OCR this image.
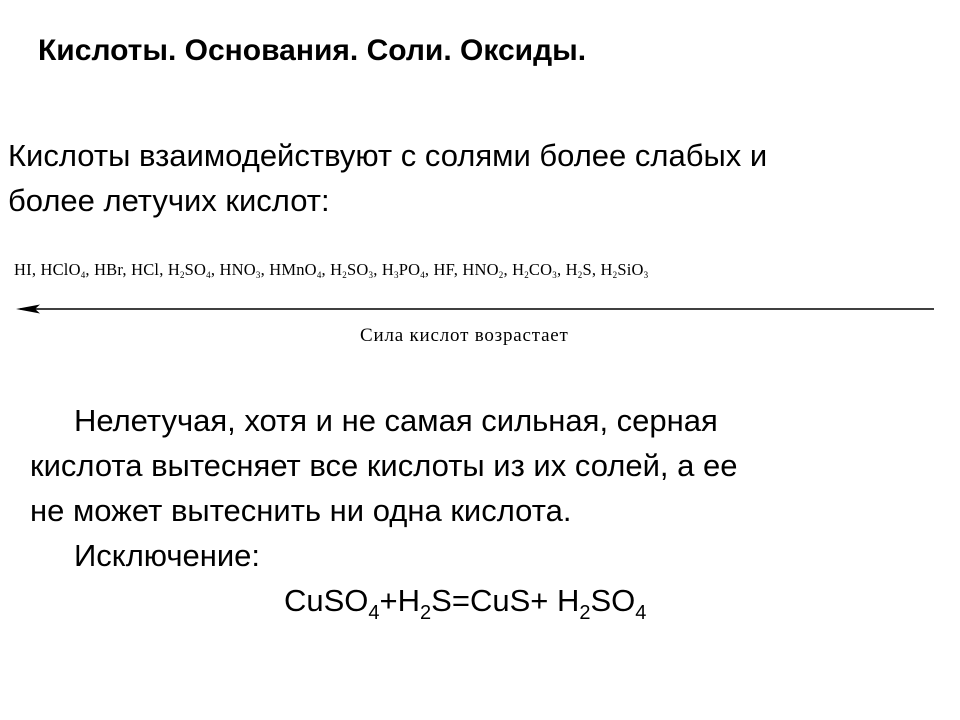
Кислоты. Основания. Соли. Оксиды.
Кислоты взаимодействуют с солями более слабых и
более летучих кислот:
HI, HClO$_4$, HBr, HCl, $H_2SO_4$, $HNO_3$, HMnO$_4$, $H_2SO_3$, $H_3PO_4$, HF, $HNO_2$, $H_2CO_3$, $H_2S$, $H_2SiO_3$
Сила кислот возрастает
Нелетучая, хотя и не самая сильная, серная
кислота вытесняет все кислоты из их солей, а ее
не может вытеснить ни одна кислота.
Исключение:
$CuSO_4+H_2S=CuS+ H_2SO_4$
